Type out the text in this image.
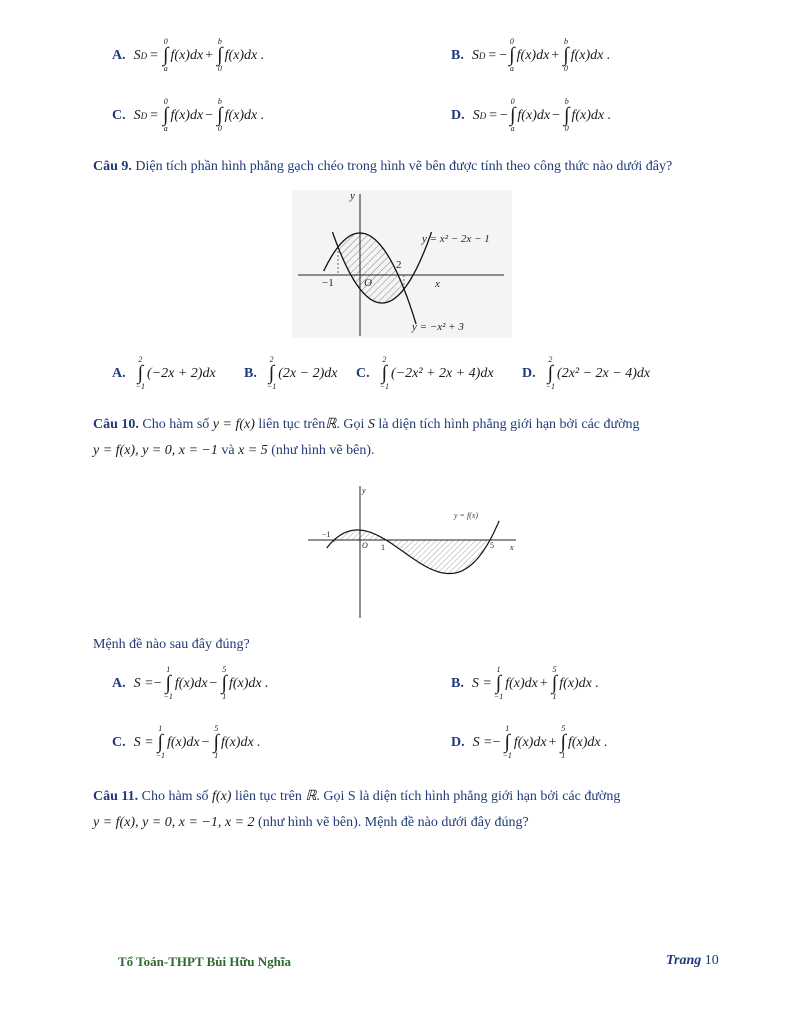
A. S D =
0
∫
a
f(x)dx +
b
∫
0
f(x)dx .	B. S D = −
0
∫
a
f(x)dx +
b
∫
0
f(x)dx .
C. S D =
0
∫
a
f(x)dx −
b
∫
0
f(x)dx .	D. S D = −
0
∫
a
f(x)dx −
b
∫
0
f(x)dx .
Câu 9. Diện tích phần hình phẳng gạch chéo trong hình vẽ bên được tính theo công thức nào dưới đây?
y
x
O
−1
2
y = x² − 2x − 1
y = −x² + 3
A.
2
∫
−1
(−2x + 2)dx B.
2
∫
−1
(2x − 2)dx C.
2
∫
−1
(−2x² + 2x + 4)dx D.
2
∫
−1
(2x² − 2x − 4)dx
Câu 10. Cho hàm số y = f(x) liên tục trênℝ. Gọi S là diện tích hình phẳng giới hạn bởi các đường
y = f(x), y = 0, x = −1 và x = 5 (như hình vẽ bên).
y
x
y = f(x)
−1
O 1	5
Mệnh đề nào sau đây đúng?
A. S = −
1
∫
−1
f(x)dx −
5
∫
1
f(x)dx .	B. S =
1
∫
−1
f(x)dx +
5
∫
1
f(x)dx .
C. S =
1
∫
−1
f(x)dx −
5
∫
1
f(x)dx .	D. S = −
1
∫
−1
f(x)dx +
5
∫
1
f(x)dx .
Câu 11. Cho hàm số f(x) liên tục trên ℝ. Gọi S là diện tích hình phẳng giới hạn bởi các đường
y = f(x), y = 0, x = −1, x = 2 (như hình vẽ bên). Mệnh đề nào dưới đây đúng?
Tổ Toán-THPT Bùi Hữu Nghĩa	Trang 10
